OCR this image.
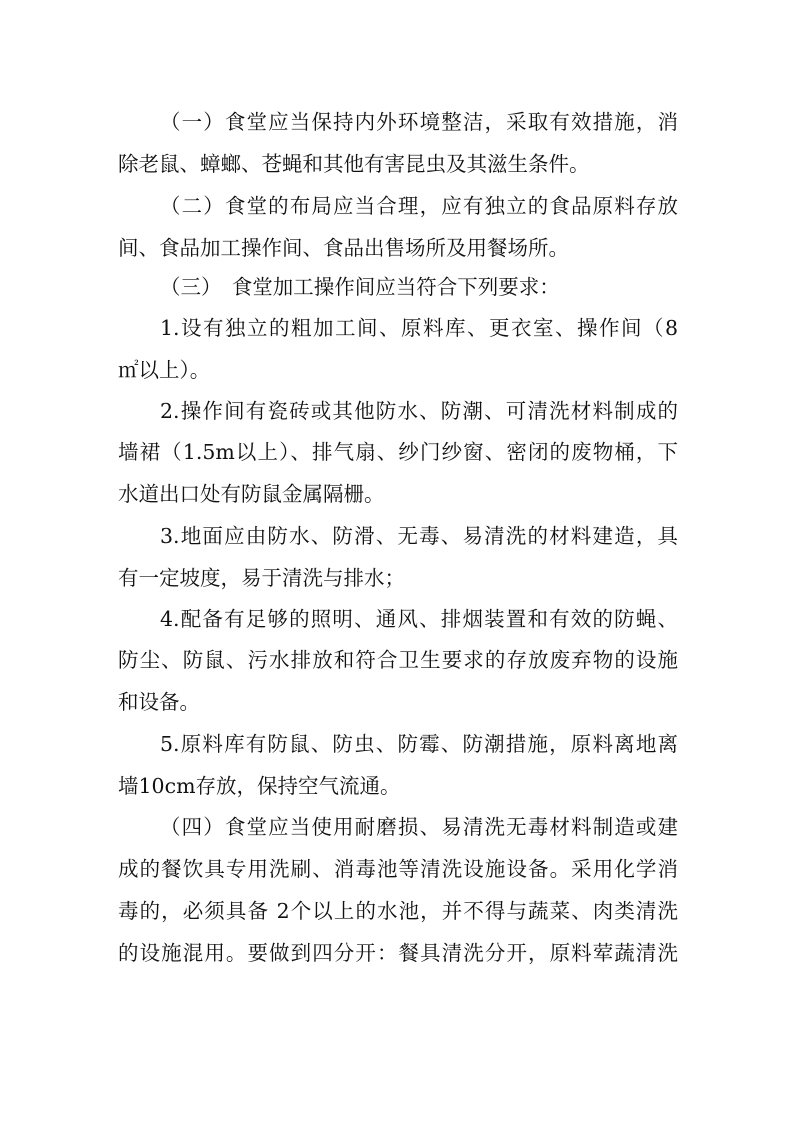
（一）食堂应当保持内外环境整洁，采取有效措施，消

除老鼠、蟑螂、苍蝇和其他有害昆虫及其滋生条件。

（二）食堂的布局应当合理，应有独立的食品原料存放

间、食品加工操作间、食品出售场所及用餐场所。

（三）　食堂加工操作间应当符合下列要求：

1.设有独立的粗加工间、原料库、更衣室、操作间（8

㎡以上）。

2.操作间有瓷砖或其他防水、防潮、可清洗材料制成的

墙裙（1.5m以上）、排气扇、纱门纱窗、密闭的废物桶，下

水道出口处有防鼠金属隔栅。

3.地面应由防水、防滑、无毒、易清洗的材料建造，具

有一定坡度，易于清洗与排水；

4.配备有足够的照明、通风、排烟装置和有效的防蝇、

防尘、防鼠、污水排放和符合卫生要求的存放废弃物的设施

和设备。

5.原料库有防鼠、防虫、防霉、防潮措施，原料离地离

墙10cm存放，保持空气流通。

（四）食堂应当使用耐磨损、易清洗无毒材料制造或建

成的餐饮具专用洗刷、消毒池等清洗设施设备。采用化学消

毒的，必须具备 2个以上的水池，并不得与蔬菜、肉类清洗

的设施混用。要做到四分开：餐具清洗分开，原料荤蔬清洗
